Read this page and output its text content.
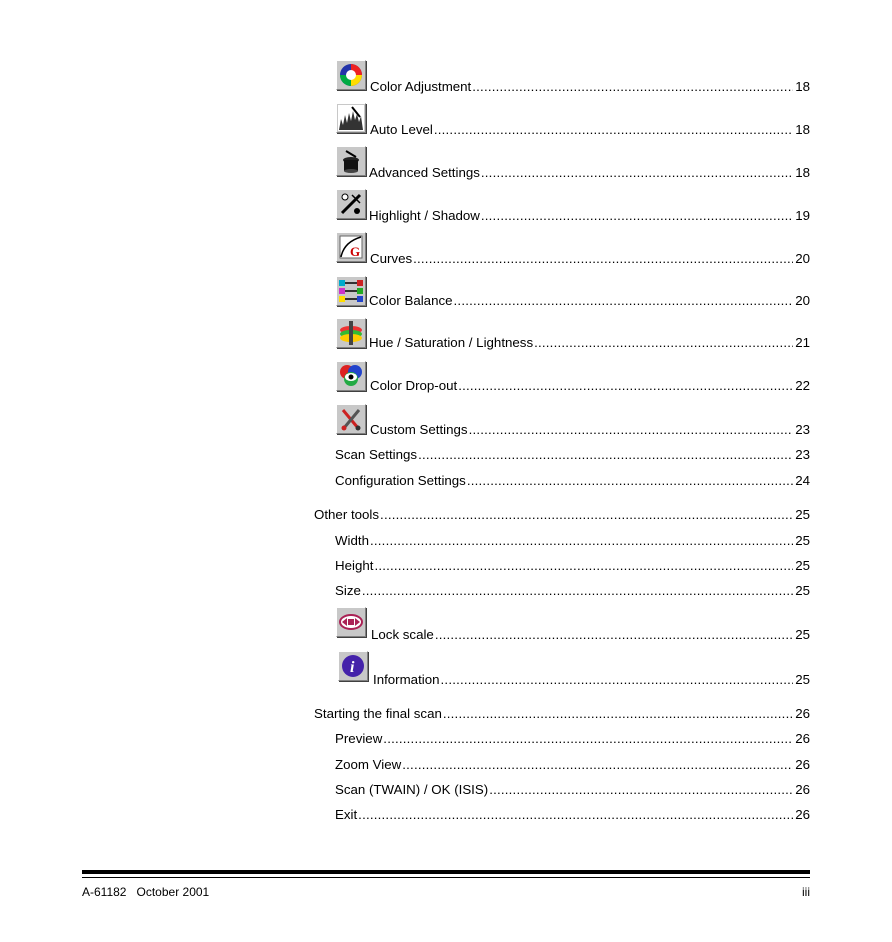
Color Adjustment .....	18
Auto Level .....	18
Advanced Settings .....	18
Highlight / Shadow .....	19
G Curves .....	20
Color Balance .....	20
Hue / Saturation / Lightness .....	21
Color Drop-out .....	22
Custom Settings .....	23
Scan Settings .....	23
Configuration Settings .....	24
Other tools .....	25
Width .....	25
Height .....	25
Size .....	25
Lock scale .....	25
i
Information .....	25
Starting the final scan .....	26
Preview .....	26
Zoom View .....	26
Scan (TWAIN) / OK (ISIS) .....	26
Exit .....	26
A-61182 October 2001	iii
